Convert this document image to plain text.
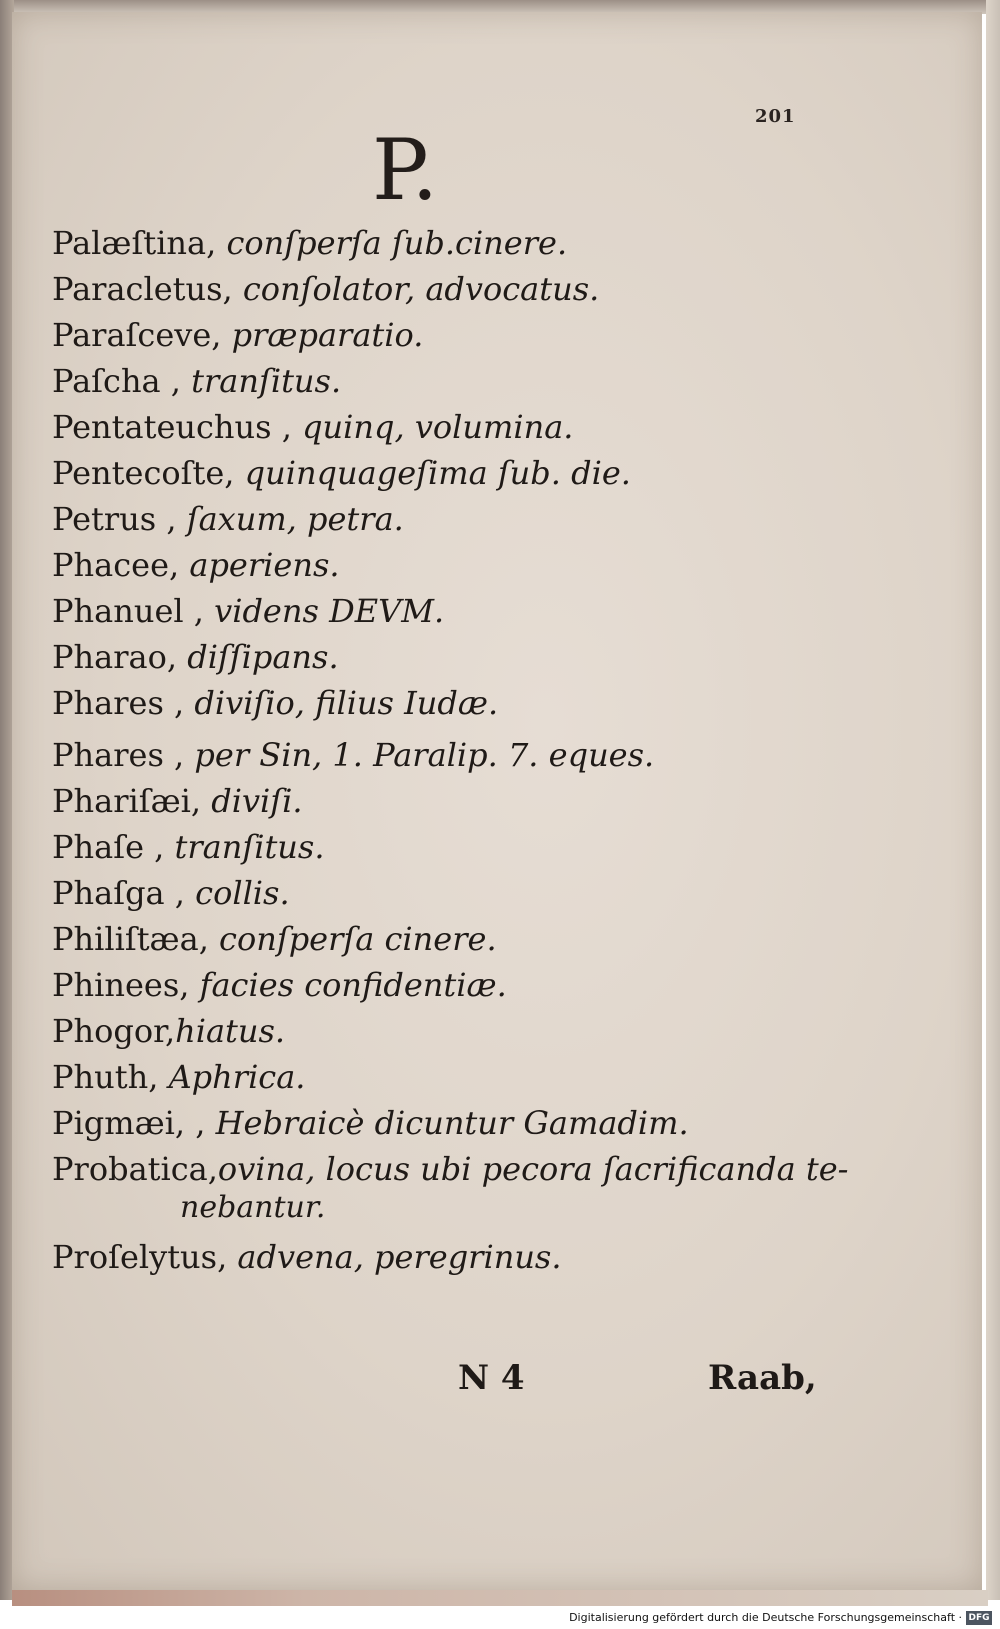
201
P.
Palæſtina, conſperſa ſub.cinere.
Paracletus, conſolator, advocatus.
Paraſceve, præparatio.
Paſcha , tranſitus.
Pentateuchus , quinq, volumina.
Pentecoſte, quinquageſima ſub. die.
Petrus , ſaxum, petra.
Phacee, aperiens.
Phanuel , videns DEVM.
Pharao, diſſipans.
Phares , diviſio, filius Iudæ.
Phares , per Sin, 1. Paralip. 7. eques.
Phariſæi, diviſi.
Phaſe , tranſitus.
Phaſga , collis.
Philiſtæa, conſperſa cinere.
Phinees, facies confidentiæ.
Phogor,hiatus.
Phuth, Aphrica.
Pigmæi, , Hebraicè dicuntur Gamadim.
Probatica,ovina, locus ubi pecora ſacrificanda te-
nebantur.
Proſelytus, advena, peregrinus.
N 4	Raab,
Digitalisierung gefördert durch die Deutsche Forschungsgemeinschaft · DFG
